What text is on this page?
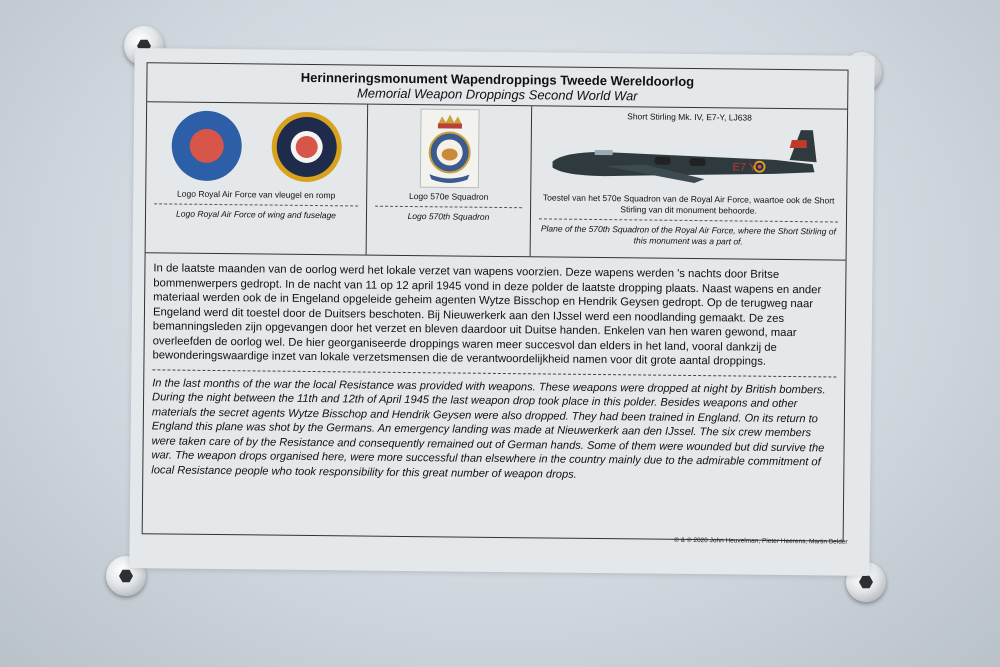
Herinneringsmonument Wapendroppings Tweede Wereldoorlog
Memorial Weapon Droppings Second World War
Logo Royal Air Force van vleugel en romp
Logo Royal Air Force of wing and fuselage
Logo 570e Squadron
Logo 570th Squadron
Short Stirling Mk. IV, E7-Y, LJ638
E7 Y
Toestel van het 570e Squadron van de Royal Air Force, waartoe ook de Short Stirling van dit monument behoorde.
Plane of the 570th Squadron of the Royal Air Force, where the Short Stirling of this monument was a part of.
In de laatste maanden van de oorlog werd het lokale verzet van wapens voorzien. Deze wapens werden 's nachts door Britse bommenwerpers gedropt. In de nacht van 11 op 12 april 1945 vond in deze polder de laatste dropping plaats. Naast wapens en ander materiaal werden ook de in Engeland opgeleide geheim agenten Wytze Bisschop en Hendrik Geysen gedropt. Op de terugweg naar Engeland werd dit toestel door de Duitsers beschoten. Bij Nieuwerkerk aan den IJssel werd een noodlanding gemaakt. De zes bemanningsleden zijn opgevangen door het verzet en bleven daardoor uit Duitse handen. Enkelen van hen waren gewond, maar overleefden de oorlog wel. De hier georganiseerde droppings waren meer succesvol dan elders in het land, vooral dankzij de bewonderingswaardige inzet van lokale verzetsmensen die de verantwoordelijkheid namen voor dit grote aantal droppings.
In the last months of the war the local Resistance was provided with weapons. These weapons were dropped at night by British bombers. During the night between the 11th and 12th of April 1945 the last weapon drop took place in this polder. Besides weapons and other materials the secret agents Wytze Bisschop and Hendrik Geysen were also dropped. They had been trained in England. On its return to England this plane was shot by the Germans. An emergency landing was made at Nieuwerkerk aan den IJssel. The six crew members were taken care of by the Resistance and consequently remained out of German hands. Some of them were wounded but did survive the war. The weapon drops organised here, were more successful than elsewhere in the country mainly due to the admirable commitment of local Resistance people who took responsibility for this great number of weapon drops.
© & ® 2020 John Heuvelman, Pieter Heerens, Martin Belder
